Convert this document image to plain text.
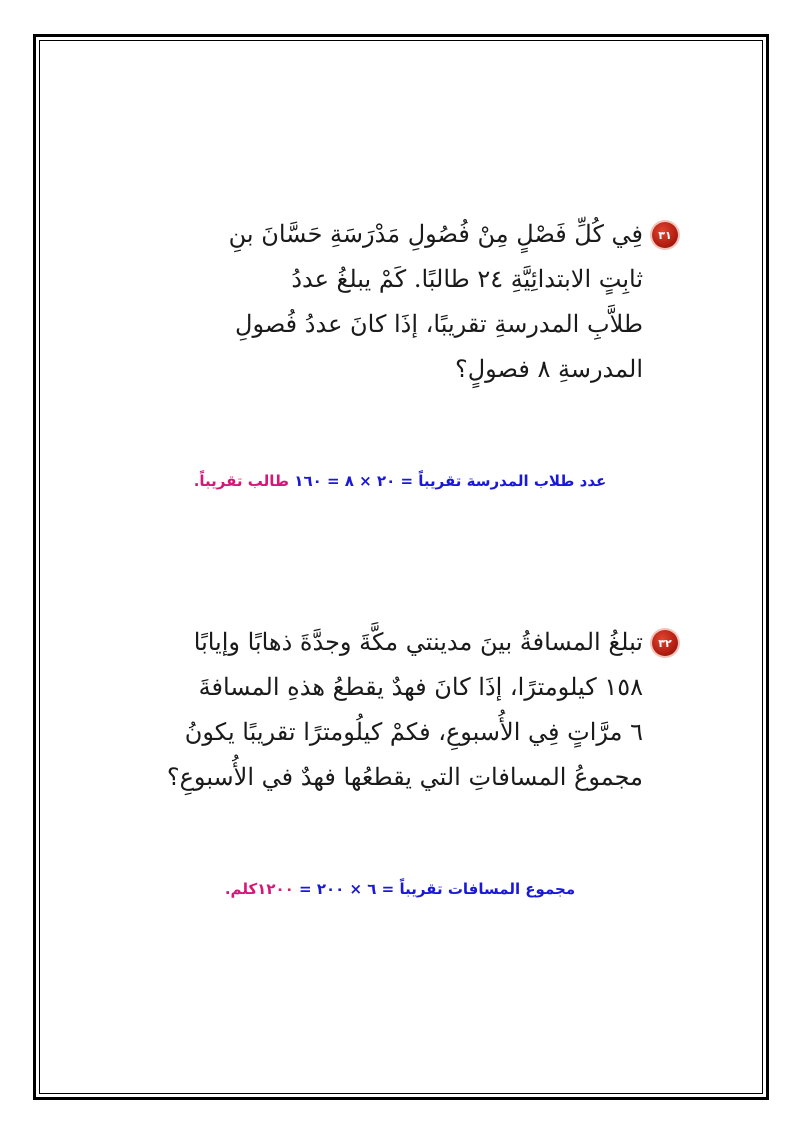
٣١

فِي كُلِّ فَصْلٍ مِنْ فُصُولِ مَدْرَسَةِ حَسَّانَ بنِ

ثابِتٍ الابتدائِيَّةِ ٢٤ طالبًا. كَمْ يبلغُ عددُ

طلاَّبِ المدرسةِ تقريبًا، إذَا كانَ عددُ فُصولِ

المدرسةِ ٨ فصولٍ؟

عدد طلاب المدرسة تقريباً = ٢٠ × ٨ = ١٦٠ طالب تقريباً.
٣٢

تبلغُ المسافةُ بينَ مدينتي مكَّةَ وجدَّةَ ذهابًا وإيابًا

١٥٨ كيلومترًا، إذَا كانَ فهدٌ يقطعُ هذهِ المسافةَ

٦ مرَّاتٍ فِي الأُسبوعِ، فكمْ كيلُومترًا تقريبًا يكونُ

مجموعُ المسافاتِ التي يقطعُها فهدٌ في الأُسبوعِ؟

مجموع المسافات تقريباً = ٦ × ٢٠٠ = ١٢٠٠كلم.
